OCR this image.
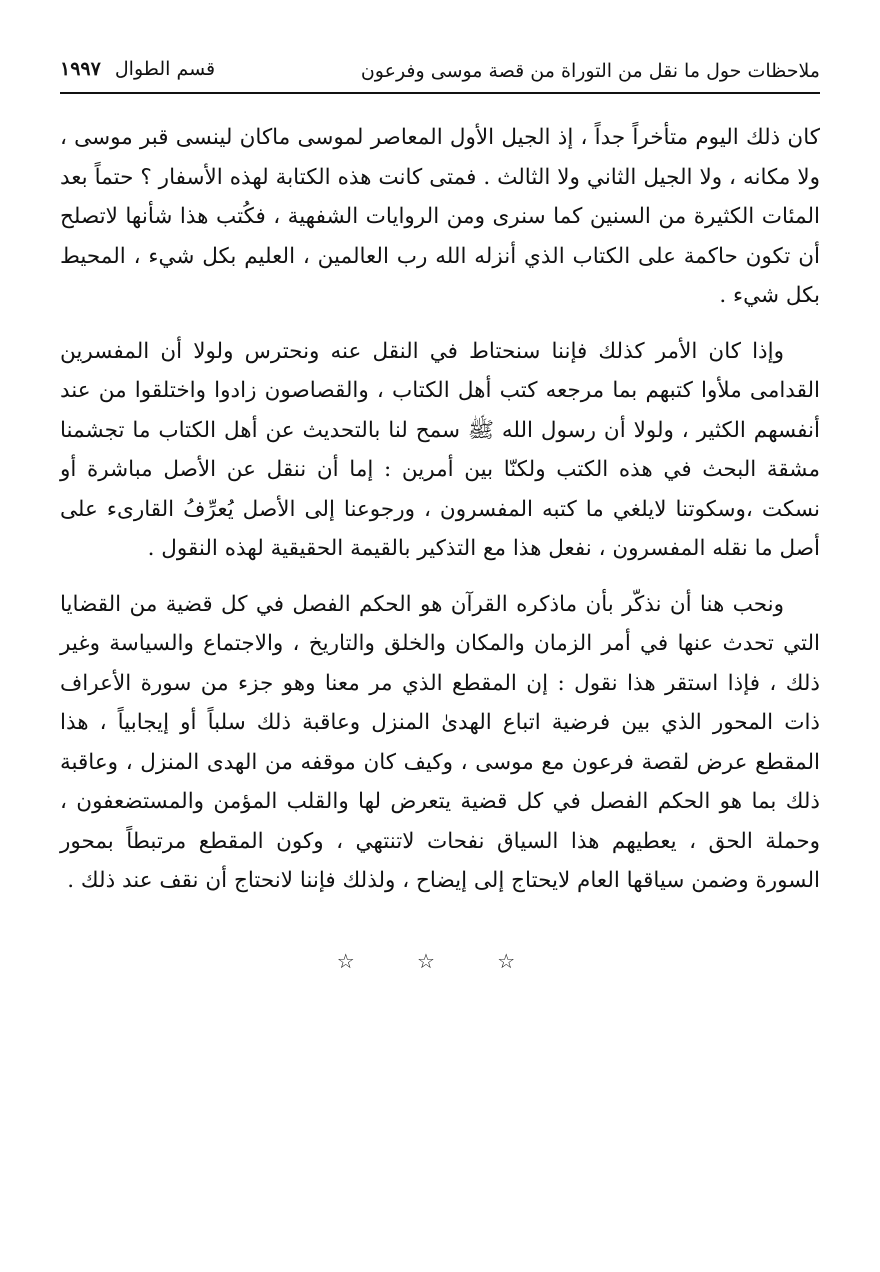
ملاحظات حول ما نقل من التوراة من قصة موسى وفرعون
قسم الطوال ١٩٩٧

كان ذلك اليوم متأخراً جداً ، إذ الجيل الأول المعاصر لموسى ماكان لينسى قبر موسى ، ولا مكانه ، ولا الجيل الثاني ولا الثالث . فمتى كانت هذه الكتابة لهذه الأسفار ؟ حتماً بعد المئات الكثيرة من السنين كما سنرى ومن الروايات الشفهية ، فكُتب هذا شأنها لاتصلح أن تكون حاكمة على الكتاب الذي أنزله الله رب العالمين ، العليم بكل شيء ، المحيط بكل شيء .

وإذا كان الأمر كذلك فإننا سنحتاط في النقل عنه ونحترس ولولا أن المفسرين القدامى ملأوا كتبهم بما مرجعه كتب أهل الكتاب ، والقصاصون زادوا واختلقوا من عند أنفسهم الكثير ، ولولا أن رسول الله ﷺ سمح لنا بالتحديث عن أهل الكتاب ما تجشمنا مشقة البحث في هذه الكتب ولكنّا بين أمرين : إما أن ننقل عن الأصل مباشرة أو نسكت ،وسكوتنا لايلغي ما كتبه المفسرون ، ورجوعنا إلى الأصل يُعرِّفُ القارىء على أصل ما نقله المفسرون ، نفعل هذا مع التذكير بالقيمة الحقيقية لهذه النقول .

ونحب هنا أن نذكّر بأن ماذكره القرآن هو الحكم الفصل في كل قضية من القضايا التي تحدث عنها في أمر الزمان والمكان والخلق والتاريخ ، والاجتماع والسياسة وغير ذلك ، فإذا استقر هذا نقول : إن المقطع الذي مر معنا وهو جزء من سورة الأعراف ذات المحور الذي بين فرضية اتباع الهدىٰ المنزل وعاقبة ذلك سلباً أو إيجابياً ، هذا المقطع عرض لقصة فرعون مع موسى ، وكيف كان موقفه من الهدى المنزل ، وعاقبة ذلك بما هو الحكم الفصل في كل قضية يتعرض لها والقلب المؤمن والمستضعفون ، وحملة الحق ، يعطيهم هذا السياق نفحات لاتنتهي ، وكون المقطع مرتبطاً بمحور السورة وضمن سياقها العام لايحتاج إلى إيضاح ، ولذلك فإننا لانحتاج أن نقف عند ذلك .

☆ ☆ ☆
